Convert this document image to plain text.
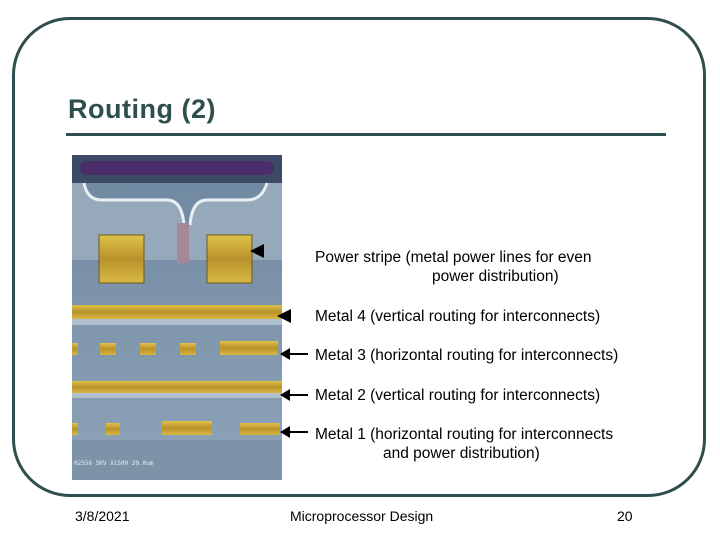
Routing (2)
02556 5KV X1500 20.0um
Power stripe (metal power lines for even
power distribution)
Metal 4 (vertical routing for interconnects)
Metal 3 (horizontal routing for interconnects)
Metal 2 (vertical routing for interconnects)
Metal 1 (horizontal routing for interconnects
and power distribution)
3/8/2021	Microprocessor Design	20
